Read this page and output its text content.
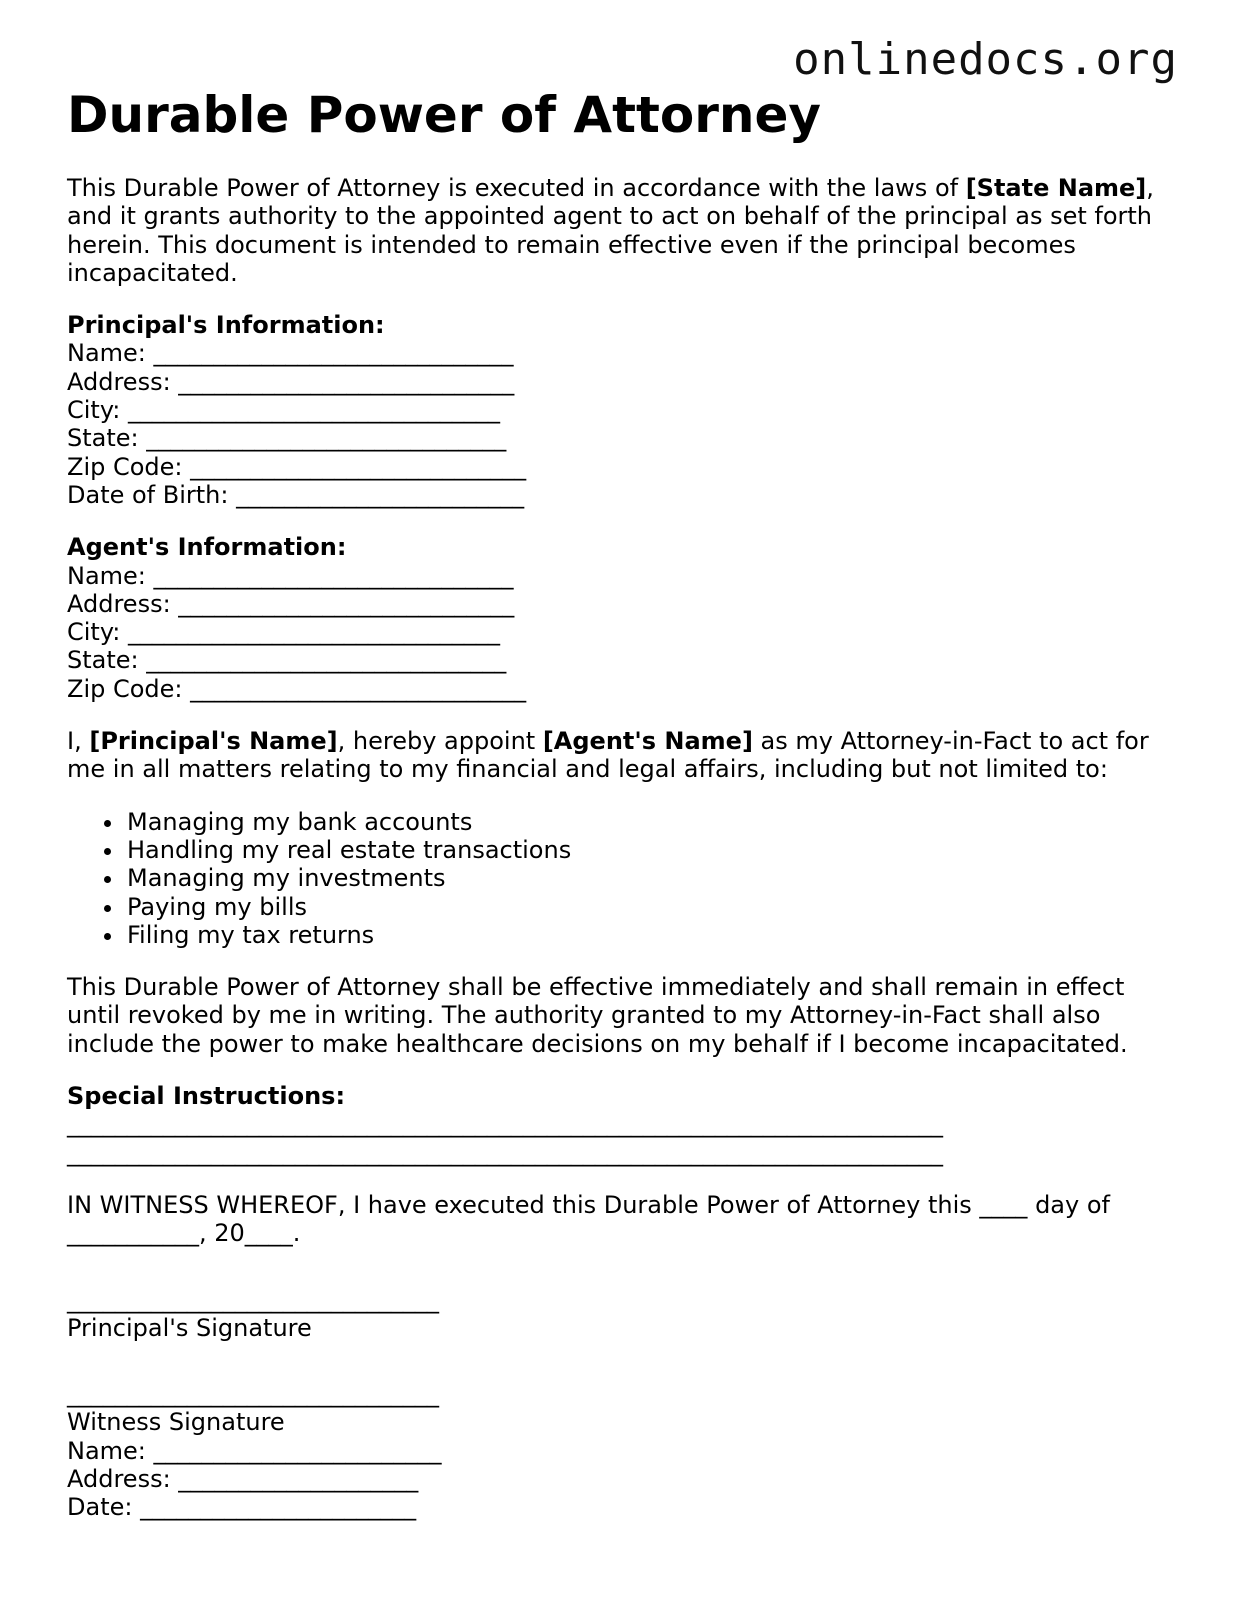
onlinedocs.org
Durable Power of Attorney

This Durable Power of Attorney is executed in accordance with the laws of [State Name], and it grants authority to the appointed agent to act on behalf of the principal as set forth herein. This document is intended to remain effective even if the principal becomes incapacitated.

Principal's Information:
Name: ______________________________
Address: ____________________________
City: _______________________________
State: ______________________________
Zip Code: ____________________________
Date of Birth: ________________________
Agent's Information:
Name: ______________________________
Address: ____________________________
City: _______________________________
State: ______________________________
Zip Code: ____________________________

I, [Principal's Name], hereby appoint [Agent's Name] as my Attorney-in-Fact to act for me in all matters relating to my financial and legal affairs, including but not limited to:

Managing my bank accounts
Handling my real estate transactions
Managing my investments
Paying my bills
Filing my tax returns

This Durable Power of Attorney shall be effective immediately and shall remain in effect until revoked by me in writing. The authority granted to my Attorney-in-Fact shall also include the power to make healthcare decisions on my behalf if I become incapacitated.

Special Instructions:
_________________________________________________________________________
_________________________________________________________________________
IN WITNESS WHEREOF, I have executed this Durable Power of Attorney this ____ day of
___________, 20____.
_______________________________
Principal's Signature
_______________________________
Witness Signature
Name: ________________________
Address: ____________________
Date: _______________________
